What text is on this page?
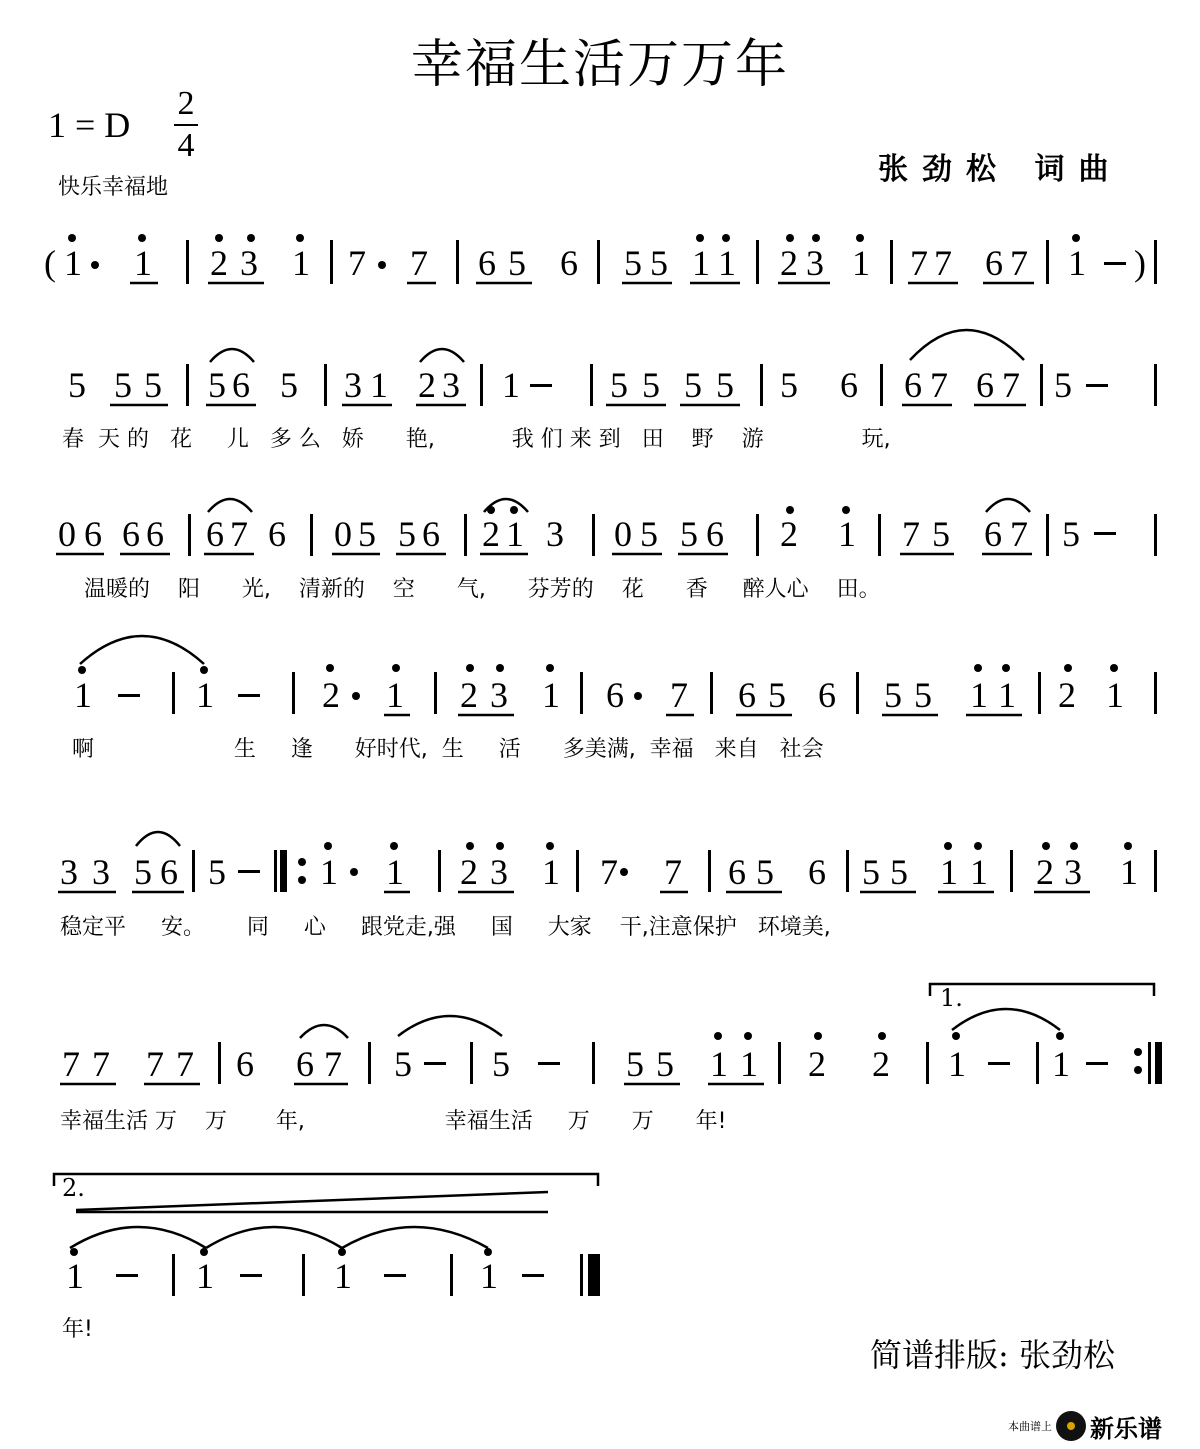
幸福生活万万年
1 = D
2
4
快乐幸福地
张劲松 词曲
( 1 1 2 3 1 7 7 6 5 6 5 5 1 1 2 3 1 7 7 6 7 1 )
5 5 5 5 6 5 3 1 2 3 1	5 5 5 5 5 6 6 7 6 7 5
0 6 6 6 6 7 6 0 5 5 6 2 1 3 0 5 5 6 2 1 7 5 6 7 5
1	1	2 1 2 3 1 6 7 6 5 6 5 5 1 1 2 1
3 3 5 6 5	1 1 2 3 1 7 7 6 5 6 5 5 1 1 2 3 1
7 7 7 7 6 6 7 5 5	5 5 1 1 2 2 1 1
1	1	1	1
1.
2.
春  天 的   花     儿   多 么   娇      艳,           我 们 来 到   田    野    游              玩,
温暖的    阳      光,    清新的    空      气,      芬芳的    花      香     醉人心    田。
啊                    生     逢      好时代,  生     活      多美满,  幸福   来自   社会
稳定平     安。      同     心     跟党走,强     国     大家    干,注意保护   环境美,
幸福生活 万    万       年,                    幸福生活     万      万      年!
年!
简谱排版: 张劲松
本曲谱上 新乐谱
